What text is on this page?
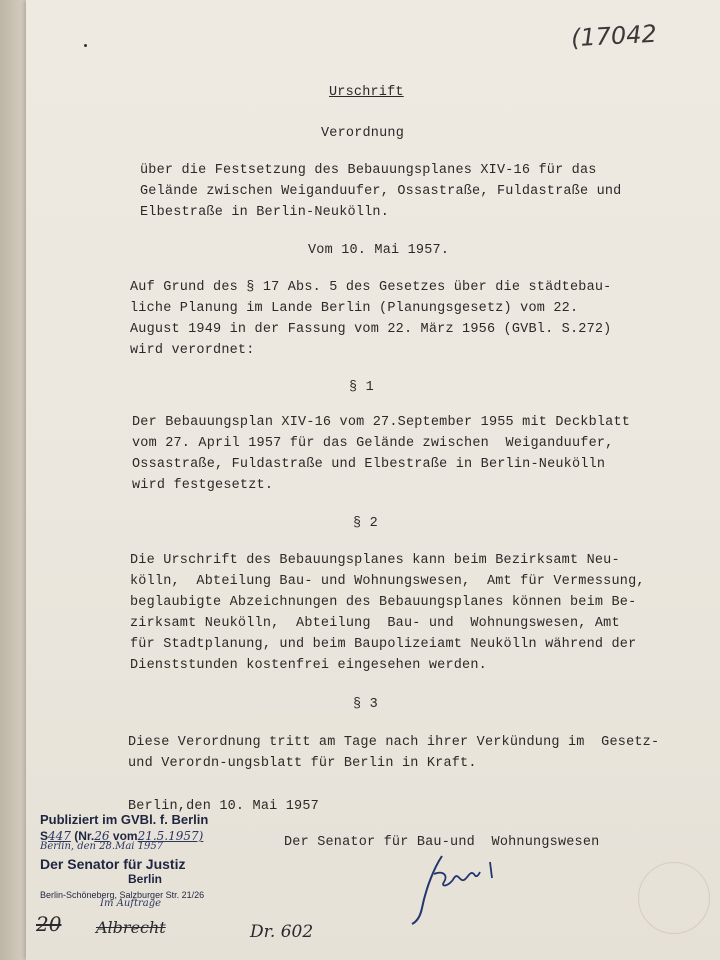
(17042
Urschrift
Verordnung
über die Festsetzung des Bebauungsplanes XIV-16 für das
Gelände zwischen Weiganduufer, Ossastraße, Fuldastraße und
Elbestraße in Berlin-Neukölln.
Vom 10. Mai 1957.
Auf Grund des § 17 Abs. 5 des Gesetzes über die städtebau-
liche Planung im Lande Berlin (Planungsgesetz) vom 22.
August 1949 in der Fassung vom 22. März 1956 (GVBl. S.272)
wird verordnet:
§ 1
Der Bebauungsplan XIV-16 vom 27.September 1955 mit Deckblatt
vom 27. April 1957 für das Gelände zwischen  Weiganduufer,
Ossastraße, Fuldastraße und Elbestraße in Berlin-Neukölln
wird festgesetzt.
§ 2
Die Urschrift des Bebauungsplanes kann beim Bezirksamt Neu-
kölln,  Abteilung Bau- und Wohnungswesen,  Amt für Vermessung,
beglaubigte Abzeichnungen des Bebauungsplanes können beim Be-
zirksamt Neukölln,  Abteilung  Bau- und  Wohnungswesen, Amt
für Stadtplanung, und beim Baupolizeiamt Neukölln während der
Dienststunden kostenfrei eingesehen werden.
§ 3
Diese Verordnung tritt am Tage nach ihrer Verkündung im  Gesetz-
und Verordn-ungsblatt für Berlin in Kraft.
Berlin,den 10. Mai 1957
Der Senator für Bau-und  Wohnungswesen
Publiziert im GVBl. f. Berlin
S447 (Nr.26 vom21.5.1957)
Berlin, den 28.Mai 1957
Der Senator für Justiz
Berlin
Berlin-Schöneberg, Salzburger Str. 21/26
Im Auftrage
20 Albrecht	Dr. 602
